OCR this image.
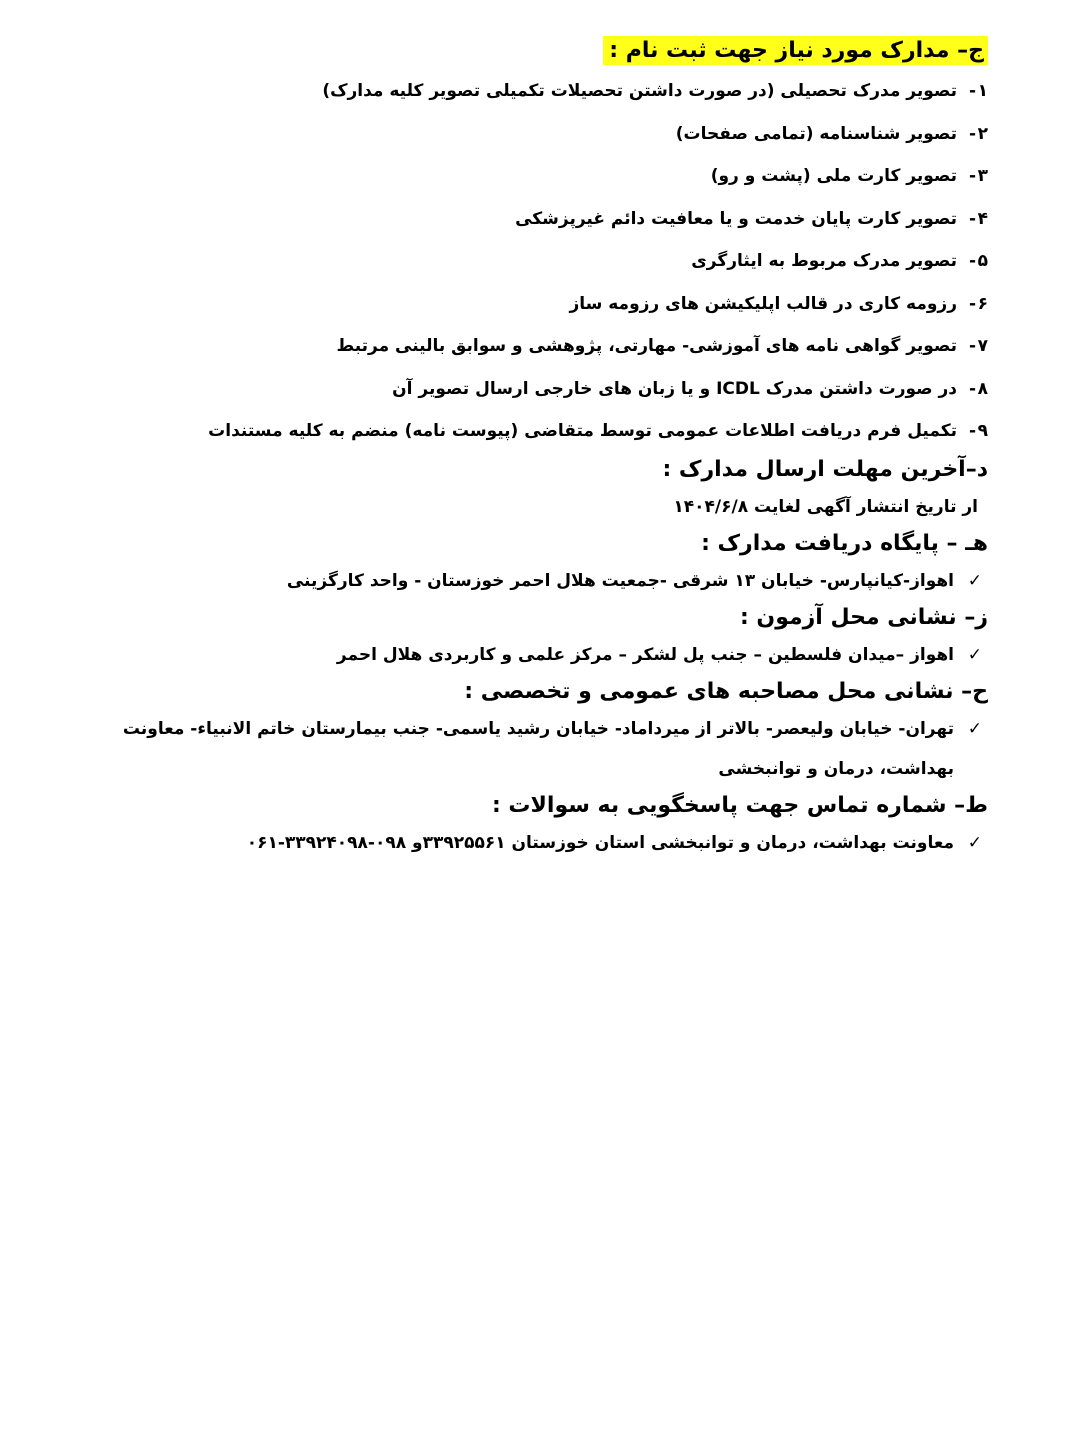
ج– مدارک مورد نیاز جهت ثبت نام :
۱- تصویر مدرک تحصیلی (در صورت داشتن تحصیلات تکمیلی تصویر کلیه مدارک)
۲- تصویر شناسنامه (تمامی صفحات)
۳- تصویر کارت ملی (پشت و رو)
۴- تصویر کارت پایان خدمت و یا معافیت دائم غیرپزشکی
۵- تصویر مدرک مربوط به ایثارگری
۶- رزومه کاری در قالب اپلیکیشن های رزومه ساز
۷- تصویر گواهی نامه های آموزشی- مهارتی، پژوهشی و سوابق بالینی مرتبط
۸- در صورت داشتن مدرک ICDL و یا زبان های خارجی ارسال تصویر آن
۹- تکمیل فرم دریافت اطلاعات عمومی توسط متقاضی (پیوست نامه) منضم به کلیه مستندات
د–آخرین مهلت ارسال مدارک :

ار تاریخ انتشار آگهی لغایت ۱۴۰۴/۶/۸

هـ – پایگاه دریافت مدارک :
✓
اهواز-کیانپارس- خیابان ۱۳ شرقی -جمعیت هلال احمر خوزستان - واحد کارگزینی
ز– نشانی محل آزمون :
✓
اهواز –میدان فلسطین – جنب پل لشکر – مرکز علمی و کاربردی هلال احمر
ح– نشانی محل مصاحبه های عمومی و تخصصی :
✓
تهران- خیابان ولیعصر- بالاتر از میرداماد- خیابان رشید یاسمی- جنب بیمارستان خاتم الانبیاء- معاونت بهداشت، درمان و توانبخشی
ط– شماره تماس جهت پاسخگویی به سوالات :
✓
معاونت بهداشت، درمان و توانبخشی استان خوزستان ۳۳۹۲۵۵۶۱و ۰۹۸-۳۳۹۲۴۰۹۸-۰۶۱
